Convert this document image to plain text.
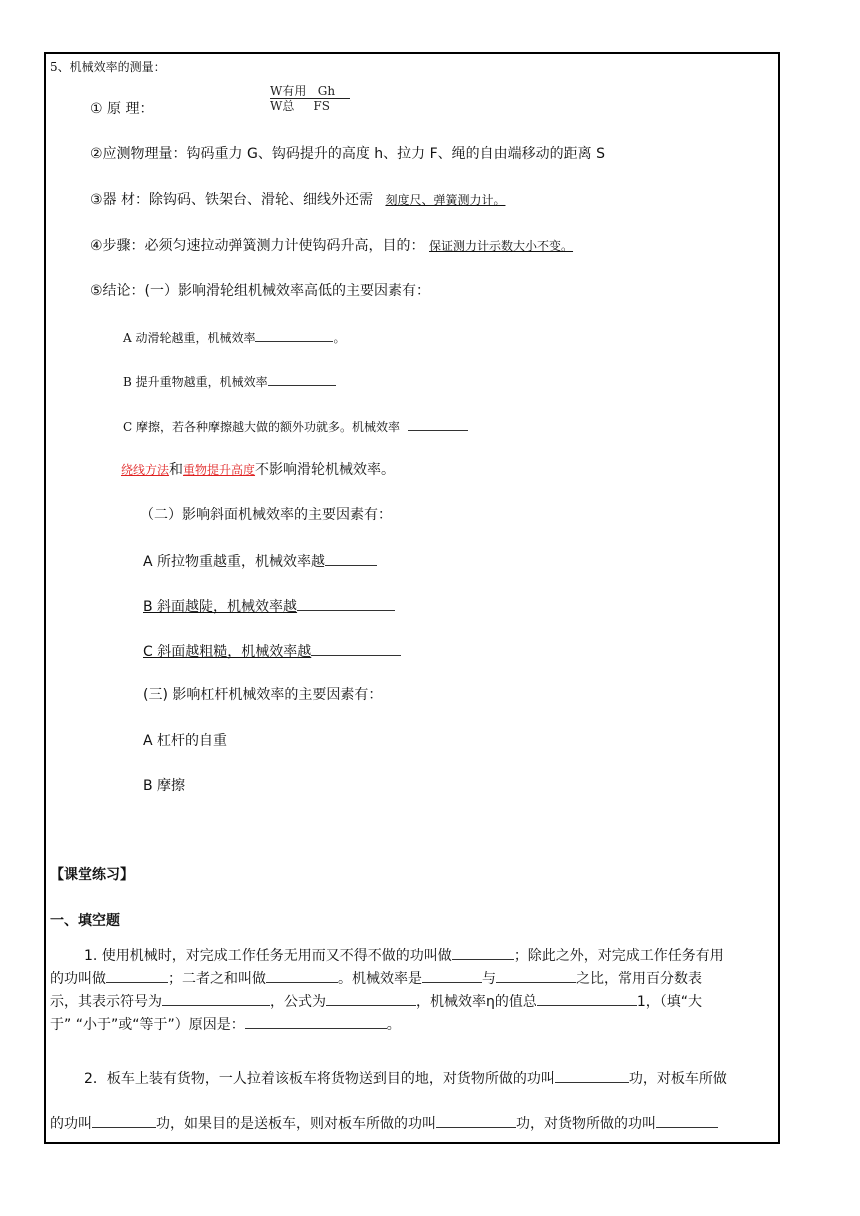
5、机械效率的测量：
① 原 理：
W有用   Gh
W总     FS
②应测物理量：钩码重力 G、钩码提升的高度 h、拉力 F、绳的自由端移动的距离 S
③器 材：除钩码、铁架台、滑轮、细线外还需 刻度尺、弹簧测力计。
④步骤：必须匀速拉动弹簧测力计使钩码升高，目的： 保证测力计示数大小不变。
⑤结论：(一）影响滑轮组机械效率高低的主要因素有：
A 动滑轮越重，机械效率	。
B 提升重物越重，机械效率
C 摩擦，若各种摩擦越大做的额外功就多。机械效率
绕线方法和重物提升高度不影响滑轮机械效率。
（二）影响斜面机械效率的主要因素有：
A 所拉物重越重，机械效率越
B 斜面越陡，机械效率越
C 斜面越粗糙，机械效率越
(三) 影响杠杆机械效率的主要因素有：
A 杠杆的自重
B 摩擦
【课堂练习】
一、填空题
1. 使用机械时，对完成工作任务无用而又不得不做的功叫做	；除此之外，对完成工作任务有用
的功叫做	；二者之和叫做	。机械效率是	与	之比，常用百分数表
示，其表示符号为	，公式为	，机械效率η的值总	1，（填“大
于” “小于”或“等于”）原因是：	。
2．板车上装有货物，一人拉着该板车将货物送到目的地，对货物所做的功叫	功，对板车所做
的功叫	功，如果目的是送板车，则对板车所做的功叫	功，对货物所做的功叫
